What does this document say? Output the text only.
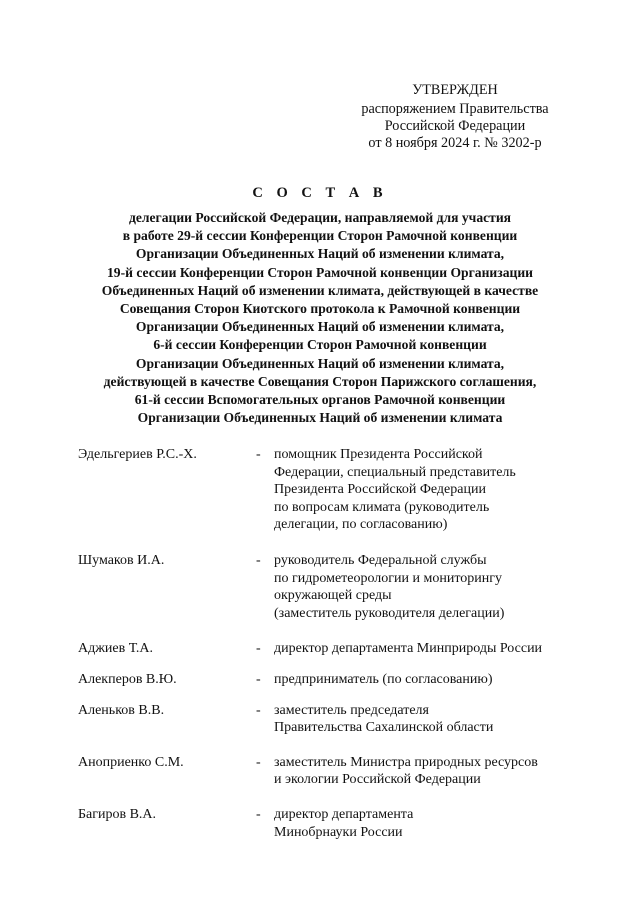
УТВЕРЖДЕН
распоряжением Правительства
Российской Федерации
от 8 ноября 2024 г. № 3202-р
С О С Т А В
делегации Российской Федерации, направляемой для участия
в работе 29-й сессии Конференции Сторон Рамочной конвенции
Организации Объединенных Наций об изменении климата,
19-й сессии Конференции Сторон Рамочной конвенции Организации
Объединенных Наций об изменении климата, действующей в качестве
Совещания Сторон Киотского протокола к Рамочной конвенции
Организации Объединенных Наций об изменении климата,
6-й сессии Конференции Сторон Рамочной конвенции
Организации Объединенных Наций об изменении климата,
действующей в качестве Совещания Сторон Парижского соглашения,
61-й сессии Вспомогательных органов Рамочной конвенции
Организации Объединенных Наций об изменении климата
Эдельгериев Р.С.-Х.	- помощник Президента Российской
Федерации, специальный представитель
Президента Российской Федерации
по вопросам климата (руководитель
делегации, по согласованию)
Шумаков И.А.	- руководитель Федеральной службы
по гидрометеорологии и мониторингу
окружающей среды
(заместитель руководителя делегации)
Аджиев Т.А.	- директор департамента Минприроды России
Алекперов В.Ю.	- предприниматель (по согласованию)
Аленьков В.В.	- заместитель председателя
Правительства Сахалинской области
Аноприенко С.М.	- заместитель Министра природных ресурсов
и экологии Российской Федерации
Багиров В.А.	- директор департамента
Минобрнауки России
